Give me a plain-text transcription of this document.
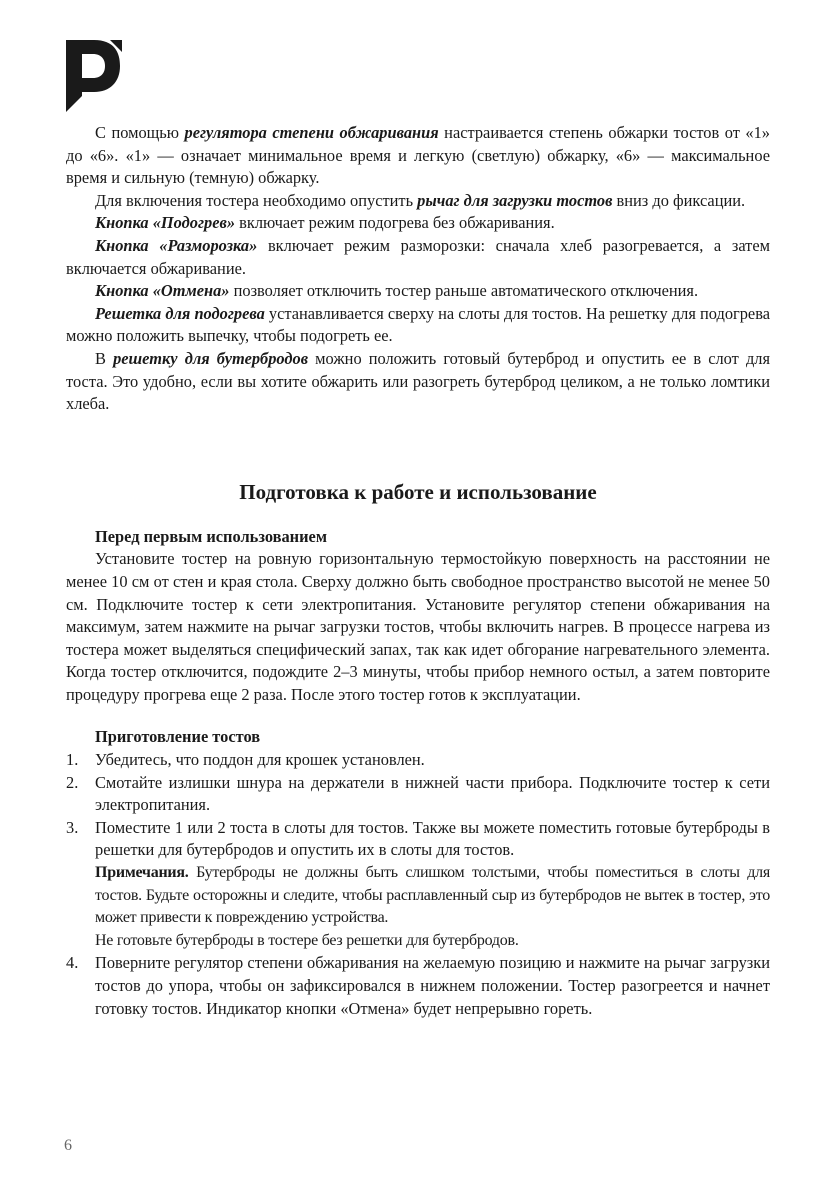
С помощью регулятора степени обжаривания настраивается степень обжарки тостов от «1» до «6». «1» — означает минимальное время и легкую (светлую) обжарку, «6» — максимальное время и сильную (темную) обжарку.

Для включения тостера необходимо опустить рычаг для загрузки тостов вниз до фиксации.

Кнопка «Подогрев» включает режим подогрева без обжаривания.

Кнопка «Разморозка» включает режим разморозки: сначала хлеб разогревается, а затем включается обжаривание.

Кнопка «Отмена» позволяет отключить тостер раньше автоматического отключения.

Решетка для подогрева устанавливается сверху на слоты для тостов. На решетку для подогрева можно положить выпечку, чтобы подогреть ее.

В решетку для бутербродов можно положить готовый бутерброд и опустить ее в слот для тоста. Это удобно, если вы хотите обжарить или разогреть бутерброд целиком, а не только ломтики хлеба.

Подготовка к работе и использование
Перед первым использованием

Установите тостер на ровную горизонтальную термостойкую поверхность на расстоянии не менее 10 см от стен и края стола. Сверху должно быть свободное пространство высотой не менее 50 см. Подключите тостер к сети электропитания. Установите регулятор степени обжаривания на максимум, затем нажмите на рычаг загрузки тостов, чтобы включить нагрев. В процессе нагрева из тостера может выделяться специфический запах, так как идет обгорание нагревательного элемента. Когда тостер отключится, подождите 2–3 минуты, чтобы прибор немного остыл, а затем повторите процедуру прогрева еще 2 раза. После этого тостер готов к эксплуатации.

Приготовление тостов
1. Убедитесь, что поддон для крошек установлен.
2. Смотайте излишки шнура на держатели в нижней части прибора. Подключите тостер к сети электропитания.
3. Поместите 1 или 2 тоста в слоты для тостов. Также вы можете поместить готовые бутерброды в решетки для бутербродов и опустить их в слоты для тостов.
Примечания. Бутерброды не должны быть слишком толстыми, чтобы поместиться в слоты для тостов. Будьте осторожны и следите, чтобы расплавленный сыр из бутербродов не вытек в тостер, это может привести к повреждению устройства.
Не готовьте бутерброды в тостере без решетки для бутербродов.
4. Поверните регулятор степени обжаривания на желаемую позицию и нажмите на рычаг загрузки тостов до упора, чтобы он зафиксировался в нижнем положении. Тостер разогреется и начнет готовку тостов. Индикатор кнопки «Отмена» будет непрерывно гореть.
6
